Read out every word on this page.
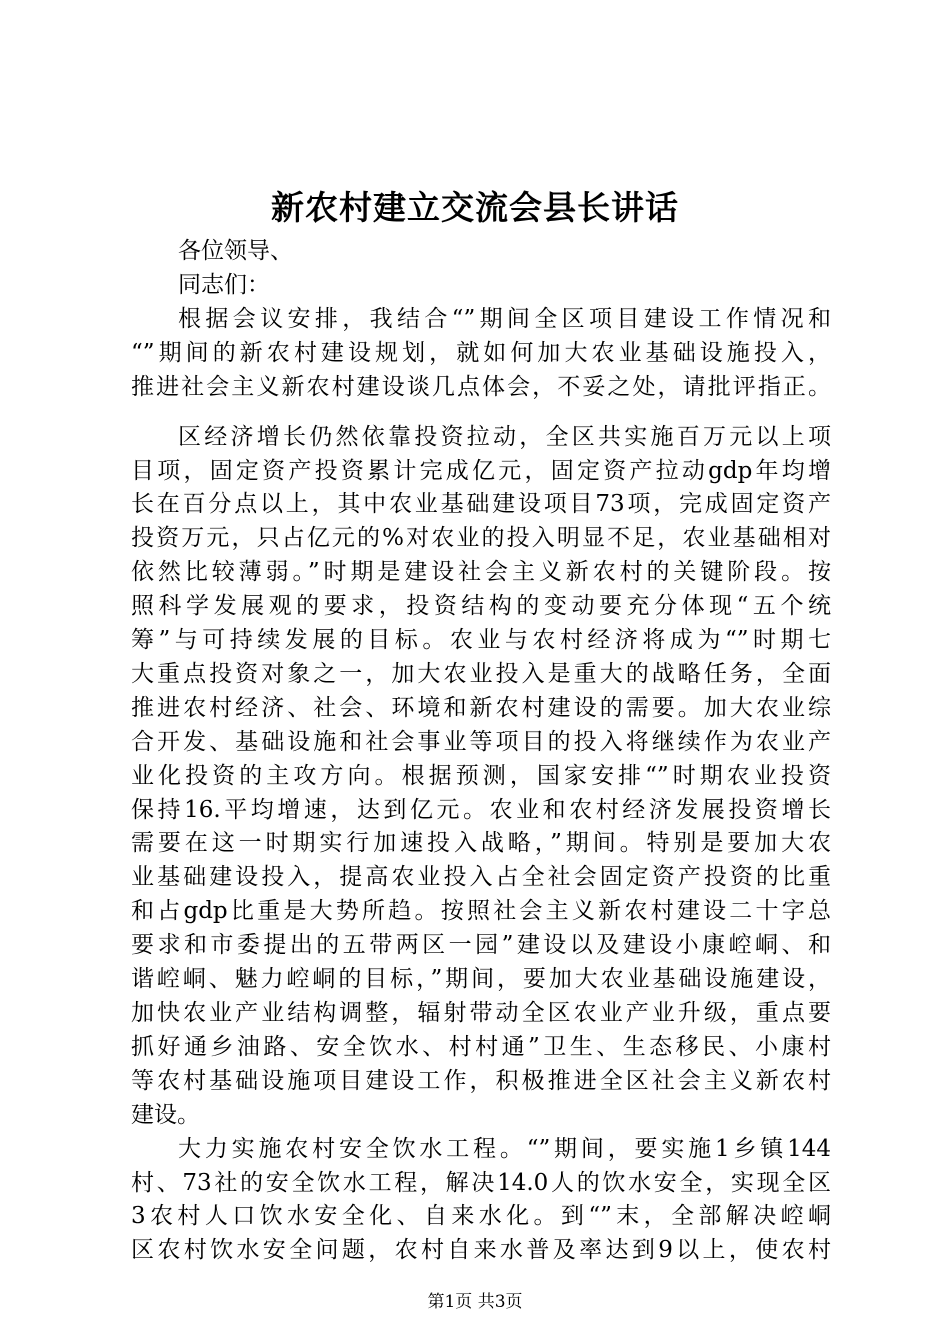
新农村建立交流会县长讲话
各位领导、
同志们：
根据会议安排，我结合“”期间全区项目建设工作情况和
“”期间的新农村建设规划，就如何加大农业基础设施投入，
推进社会主义新农村建设谈几点体会，不妥之处，请批评指正。
区经济增长仍然依靠投资拉动，全区共实施百万元以上项
目项，固定资产投资累计完成亿元，固定资产拉动gdp年均增
长在百分点以上，其中农业基础建设项目73项，完成固定资产
投资万元，只占亿元的%对农业的投入明显不足，农业基础相对
依然比较薄弱。”时期是建设社会主义新农村的关键阶段。按
照科学发展观的要求，投资结构的变动要充分体现“五个统
筹”与可持续发展的目标。农业与农村经济将成为“”时期七
大重点投资对象之一，加大农业投入是重大的战略任务，全面
推进农村经济、社会、环境和新农村建设的需要。加大农业综
合开发、基础设施和社会事业等项目的投入将继续作为农业产
业化投资的主攻方向。根据预测，国家安排“”时期农业投资
保持16.平均增速，达到亿元。农业和农村经济发展投资增长
需要在这一时期实行加速投入战略，”期间。特别是要加大农
业基础建设投入，提高农业投入占全社会固定资产投资的比重
和占gdp比重是大势所趋。按照社会主义新农村建设二十字总
要求和市委提出的五带两区一园”建设以及建设小康崆峒、和
谐崆峒、魅力崆峒的目标，”期间，要加大农业基础设施建设，
加快农业产业结构调整，辐射带动全区农业产业升级，重点要
抓好通乡油路、安全饮水、村村通”卫生、生态移民、小康村
等农村基础设施项目建设工作，积极推进全区社会主义新农村
建设。
大力实施农村安全饮水工程。“”期间，要实施1乡镇144
村、73社的安全饮水工程，解决14.0人的饮水安全，实现全区
3农村人口饮水安全化、自来水化。到“”末，全部解决崆峒
区农村饮水安全问题，农村自来水普及率达到9以上，使农村
第1页 共3页
